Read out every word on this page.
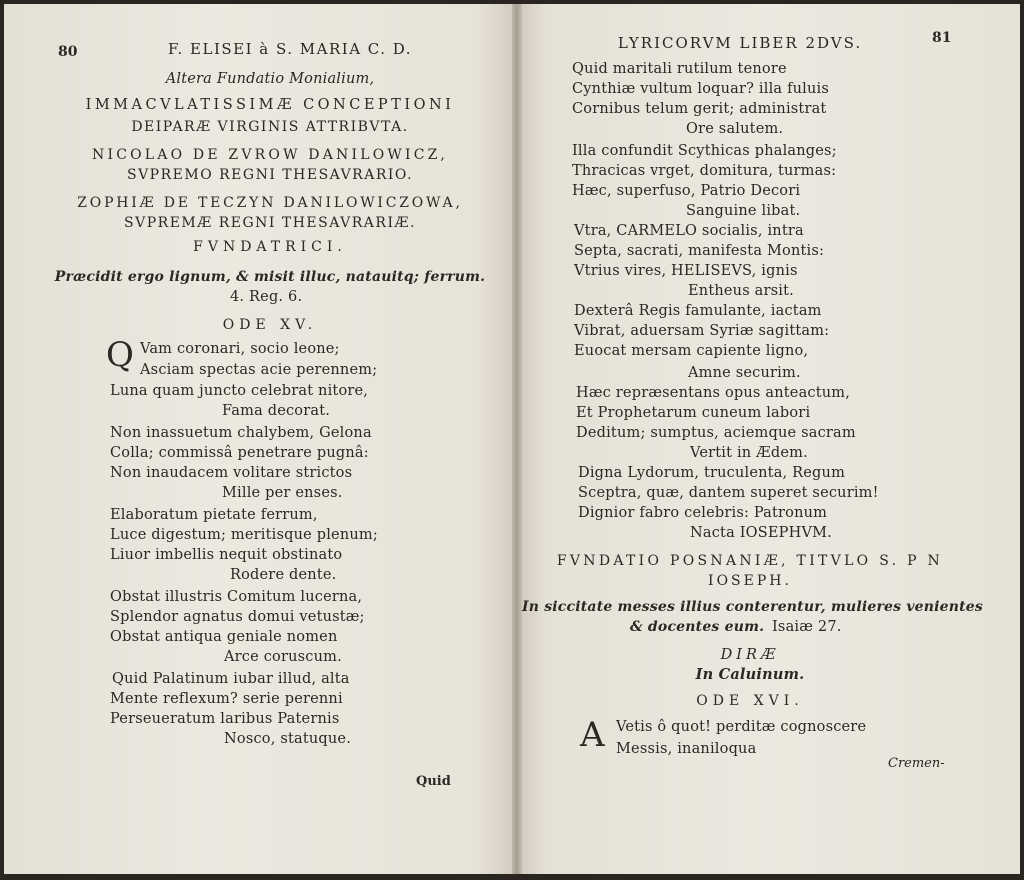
80	F. ELISEI à S. MARIA C. D.
Altera Fundatio Monialium,
IMMACVLATISSIMÆ CONCEPTIONI
DEIPARÆ VIRGINIS ATTRIBVTA.
NICOLAO DE ZVROW DANILOWICZ,
SVPREMO REGNI THESAVRARIO.
ZOPHIÆ DE TECZYN DANILOWICZOWA,
SVPREMÆ REGNI THESAVRARIÆ.
FVNDATRICI.
Præcidit ergo lignum, & misit illuc, natauitq; ferrum.
4. Reg. 6.
ODE XV.
Q Vam coronari, socio leone;
Asciam spectas acie perennem;
Luna quam juncto celebrat nitore,
Fama decorat.
Non inassuetum chalybem, Gelona
Colla; commissâ penetrare pugnâ:
Non inaudacem volitare strictos
Mille per enses.
Elaboratum pietate ferrum,
Luce digestum; meritisque plenum;
Liuor imbellis nequit obstinato
Rodere dente.
Obstat illustris Comitum lucerna,
Splendor agnatus domui vetustæ;
Obstat antiqua geniale nomen
Arce coruscum.
Quid Palatinum iubar illud, alta
Mente reflexum? serie perenni
Perseueratum laribus Paternis
Nosco, statuque.
Quid
LYRICORVM LIBER 2DVS.	81
Quid maritali rutilum tenore
Cynthiæ vultum loquar? illa fuluis
Cornibus telum gerit; administrat
Ore salutem.
Illa confundit Scythicas phalanges;
Thracicas vrget, domitura, turmas:
Hæc, superfuso, Patrio Decori
Sanguine libat.
Vtra, CARMELO socialis, intra
Septa, sacrati, manifesta Montis:
Vtrius vires, HELISEVS, ignis
Entheus arsit.
Dexterâ Regis famulante, iactam
Vibrat, aduersam Syriæ sagittam:
Euocat mersam capiente ligno,
Amne securim.
Hæc repræsentans opus anteactum,
Et Prophetarum cuneum labori
Deditum; sumptus, aciemque sacram
Vertit in Ædem.
Digna Lydorum, truculenta, Regum
Sceptra, quæ, dantem superet securim!
Dignior fabro celebris: Patronum
Nacta IOSEPHVM.
FVNDATIO POSNANIÆ, TITVLO S. P N
IOSEPH.
In siccitate messes illius conterentur, mulieres venientes
& docentes eum. Isaiæ 27.
DIRÆ
In Caluinum.
ODE XVI.
A Vetis ô quot! perditæ cognoscere
Messis, inaniloqua
Cremen-
